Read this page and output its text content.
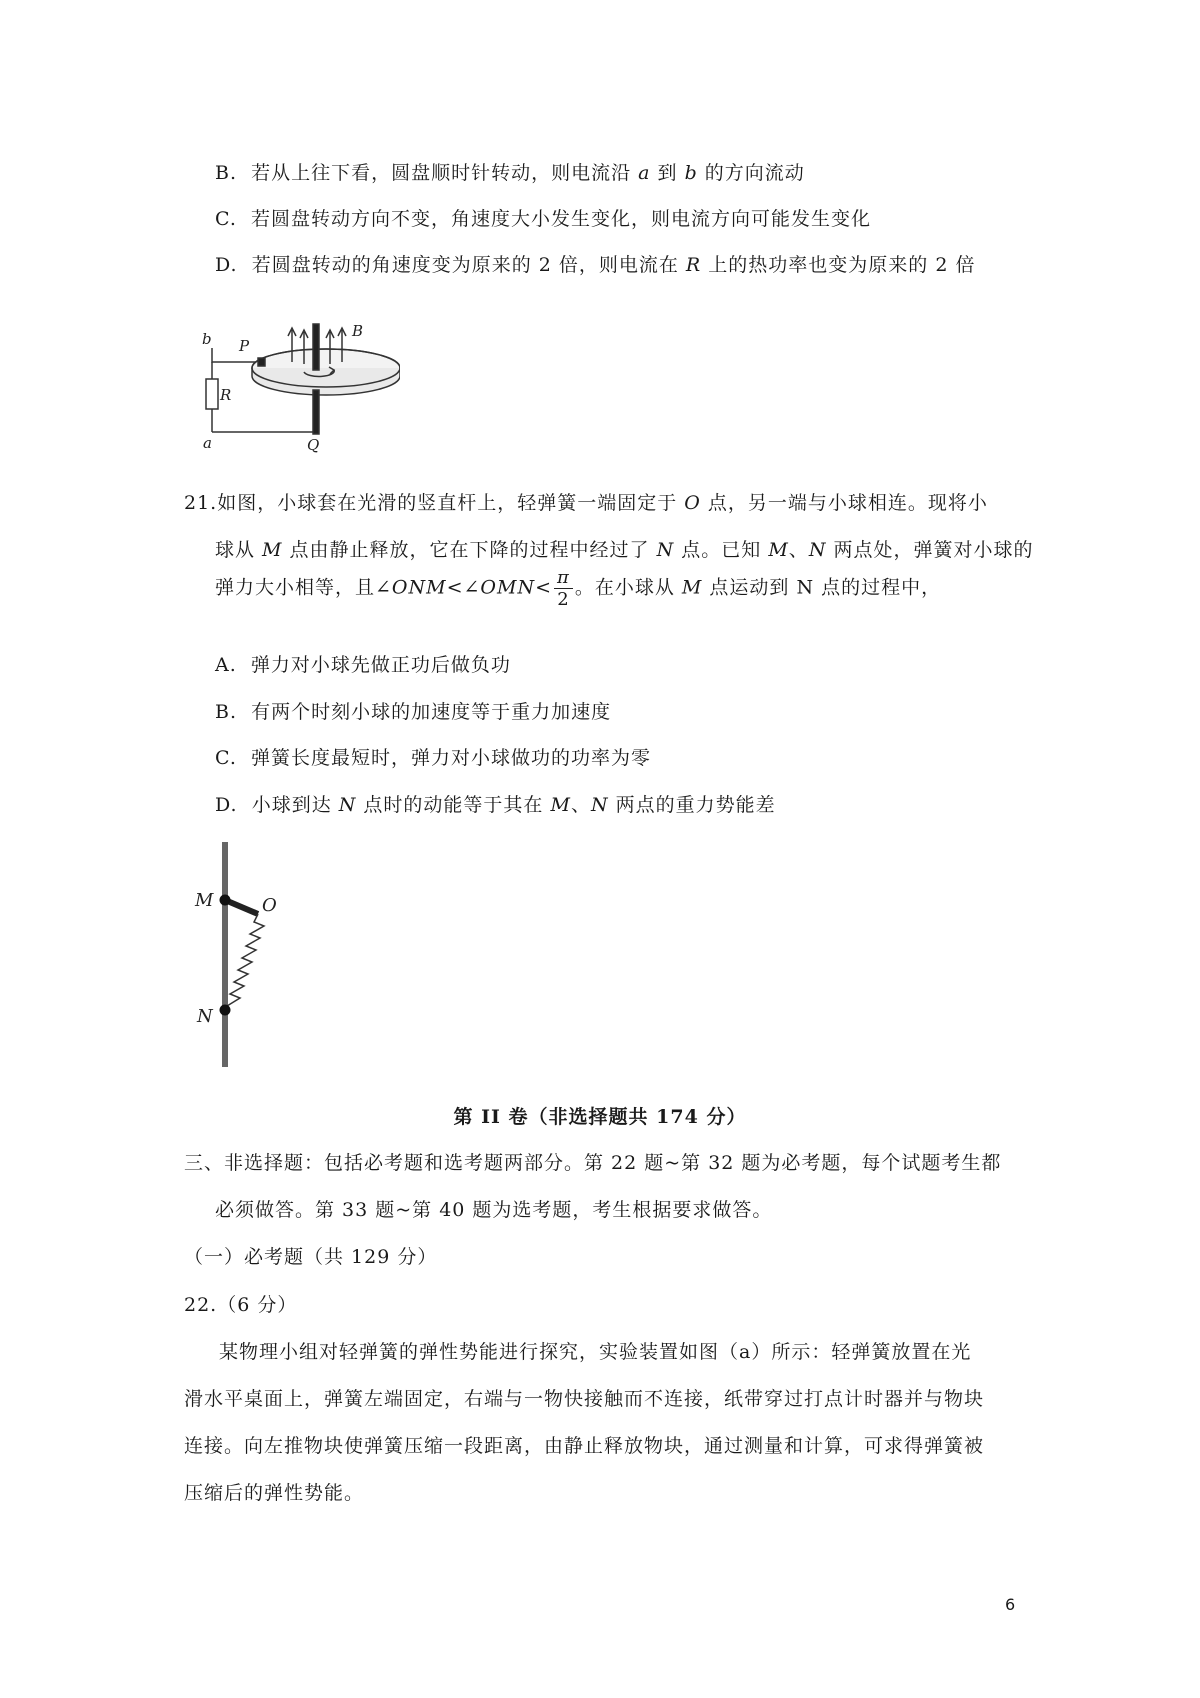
B. 若从上往下看，圆盘顺时针转动，则电流沿 a 到 b 的方向流动
C. 若圆盘转动方向不变，角速度大小发生变化，则电流方向可能发生变化
D. 若圆盘转动的角速度变为原来的 2 倍，则电流在 R 上的热功率也变为原来的 2 倍
b P
R
a	Q
B
21.如图，小球套在光滑的竖直杆上，轻弹簧一端固定于 O 点，另一端与小球相连。现将小
球从 M 点由静止释放，它在下降的过程中经过了 N 点。已知 M、N 两点处，弹簧对小球的
弹力大小相等，且∠ONM<∠OMN< $\frac{\pi}{2}$ 。在小球从 M 点运动到 N 点的过程中，
A. 弹力对小球先做正功后做负功
B. 有两个时刻小球的加速度等于重力加速度
C. 弹簧长度最短时，弹力对小球做功的功率为零
D. 小球到达 N 点时的动能等于其在 M、N 两点的重力势能差
M	O
N
第 II 卷（非选择题共 174 分）
三、非选择题：包括必考题和选考题两部分。第 22 题~第 32 题为必考题，每个试题考生都
必须做答。第 33 题~第 40 题为选考题，考生根据要求做答。
（一）必考题（共 129 分）
22.（6 分）
某物理小组对轻弹簧的弹性势能进行探究，实验装置如图（a）所示：轻弹簧放置在光
滑水平桌面上，弹簧左端固定，右端与一物快接触而不连接，纸带穿过打点计时器并与物块
连接。向左推物块使弹簧压缩一段距离，由静止释放物块，通过测量和计算，可求得弹簧被
压缩后的弹性势能。
6
